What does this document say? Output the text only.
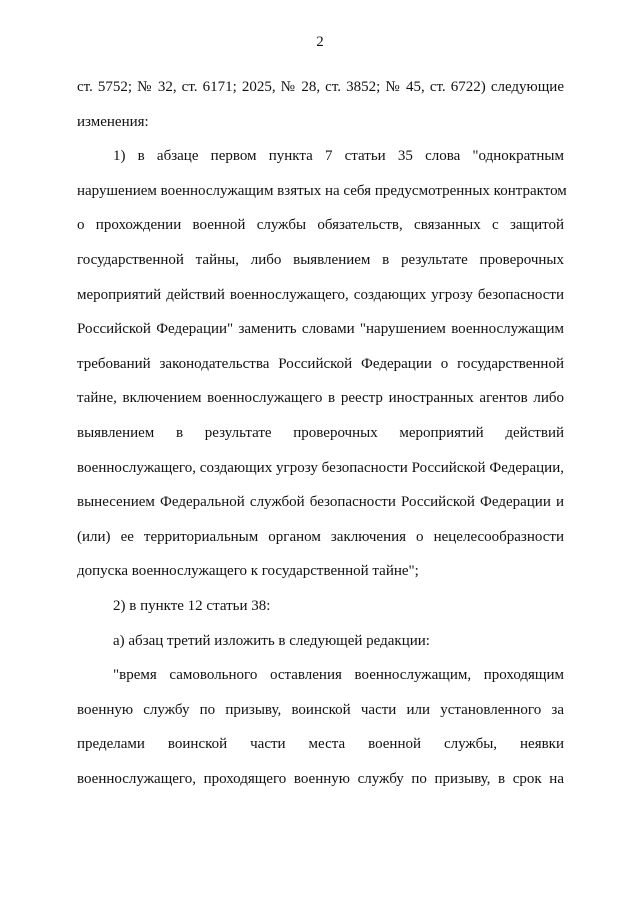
2
ст. 5752; № 32, ст. 6171; 2025, № 28, ст. 3852; № 45, ст. 6722) следующие
изменения:
1) в абзаце первом пункта 7 статьи 35 слова "однократным
нарушением военнослужащим взятых на себя предусмотренных контрактом
о прохождении военной службы обязательств, связанных с защитой
государственной тайны, либо выявлением в результате проверочных
мероприятий действий военнослужащего, создающих угрозу безопасности
Российской Федерации" заменить словами "нарушением военнослужащим
требований законодательства Российской Федерации о государственной
тайне, включением военнослужащего в реестр иностранных агентов либо
выявлением в результате проверочных мероприятий действий
военнослужащего, создающих угрозу безопасности Российской Федерации,
вынесением Федеральной службой безопасности Российской Федерации и
(или) ее территориальным органом заключения о нецелесообразности
допуска военнослужащего к государственной тайне";
2) в пункте 12 статьи 38:
а) абзац третий изложить в следующей редакции:
"время самовольного оставления военнослужащим, проходящим
военную службу по призыву, воинской части или установленного за
пределами воинской части места военной службы, неявки
военнослужащего, проходящего военную службу по призыву, в срок на
